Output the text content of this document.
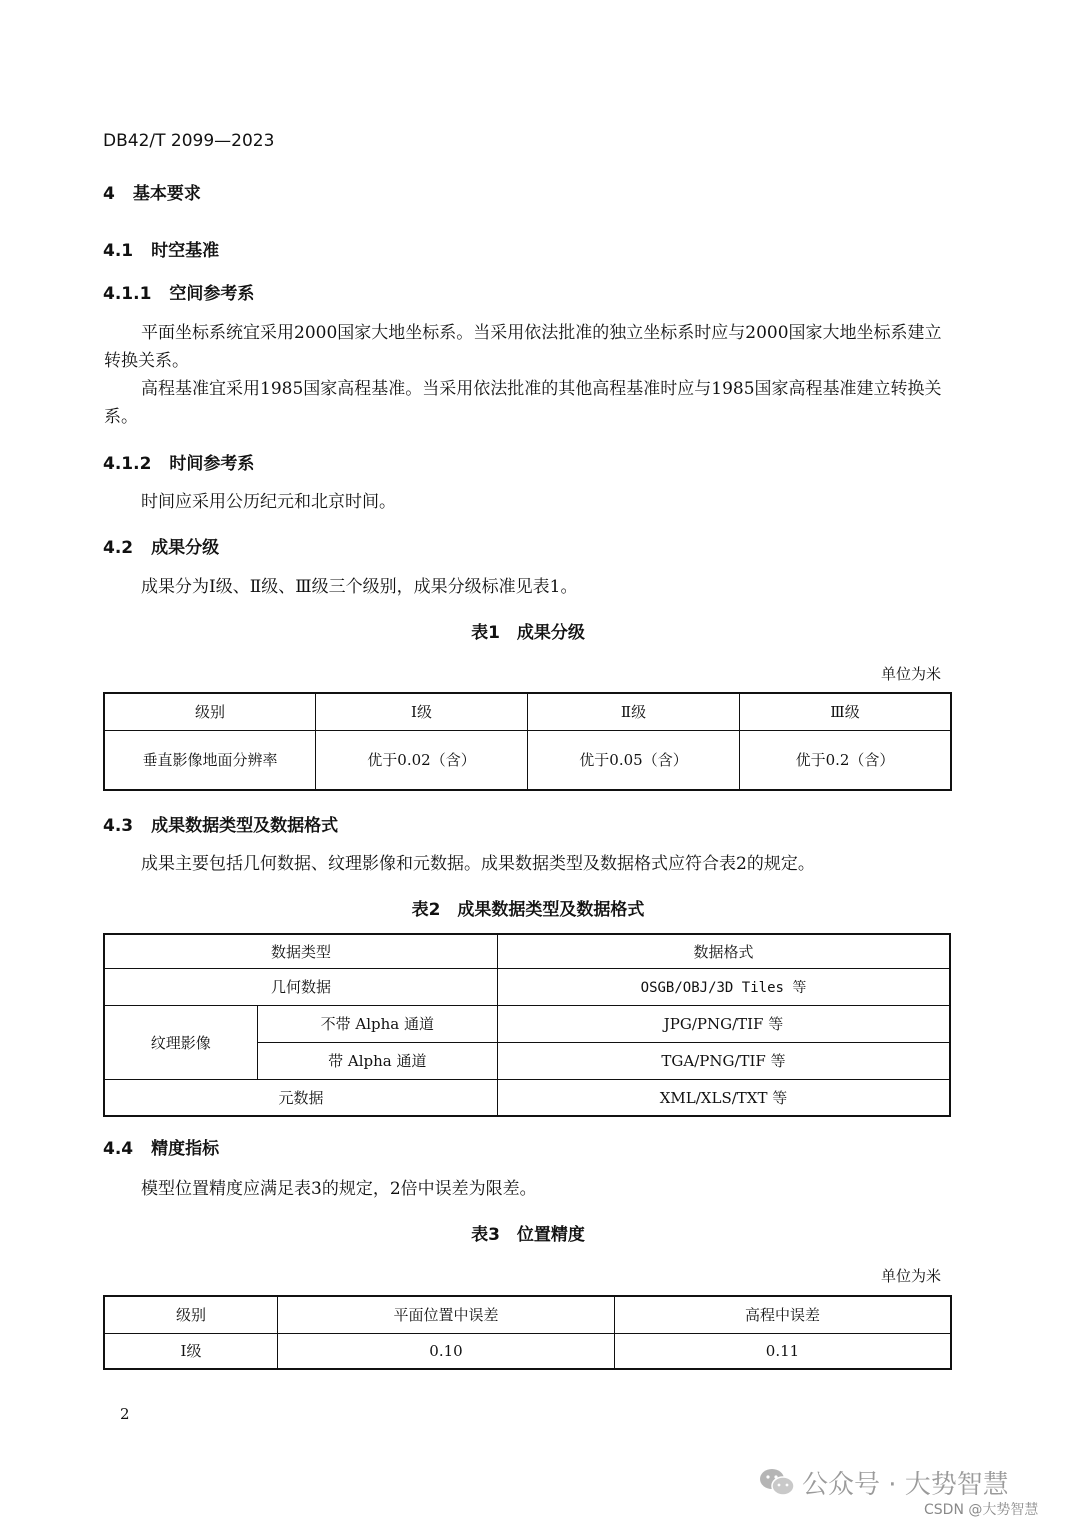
DB42/T 2099—2023
4 基本要求
4.1 时空基准
4.1.1 空间参考系
平面坐标系统宜采用2000国家大地坐标系。当采用依法批准的独立坐标系时应与2000国家大地坐标系建立转换关系。
高程基准宜采用1985国家高程基准。当采用依法批准的其他高程基准时应与1985国家高程基准建立转换关系。
4.1.2 时间参考系
时间应采用公历纪元和北京时间。
4.2 成果分级
成果分为Ⅰ级、Ⅱ级、Ⅲ级三个级别，成果分级标准见表1。
表1　成果分级
单位为米
级别	Ⅰ级	Ⅱ级	Ⅲ级
垂直影像地面分辨率	优于0.02（含）	优于0.05（含）	优于0.2（含）
4.3 成果数据类型及数据格式
成果主要包括几何数据、纹理影像和元数据。成果数据类型及数据格式应符合表2的规定。
表2　成果数据类型及数据格式
数据类型		数据格式
几何数据		OSGB/OBJ/3D Tiles 等
纹理影像	不带 Alpha 通道	JPG/PNG/TIF 等
	带 Alpha 通道	TGA/PNG/TIF 等
元数据		XML/XLS/TXT 等
4.4 精度指标
模型位置精度应满足表3的规定，2倍中误差为限差。
表3　位置精度
单位为米
级别	平面位置中误差	高程中误差
Ⅰ级	0.10	0.11
2
公众号 · 大势智慧
CSDN @大势智慧
